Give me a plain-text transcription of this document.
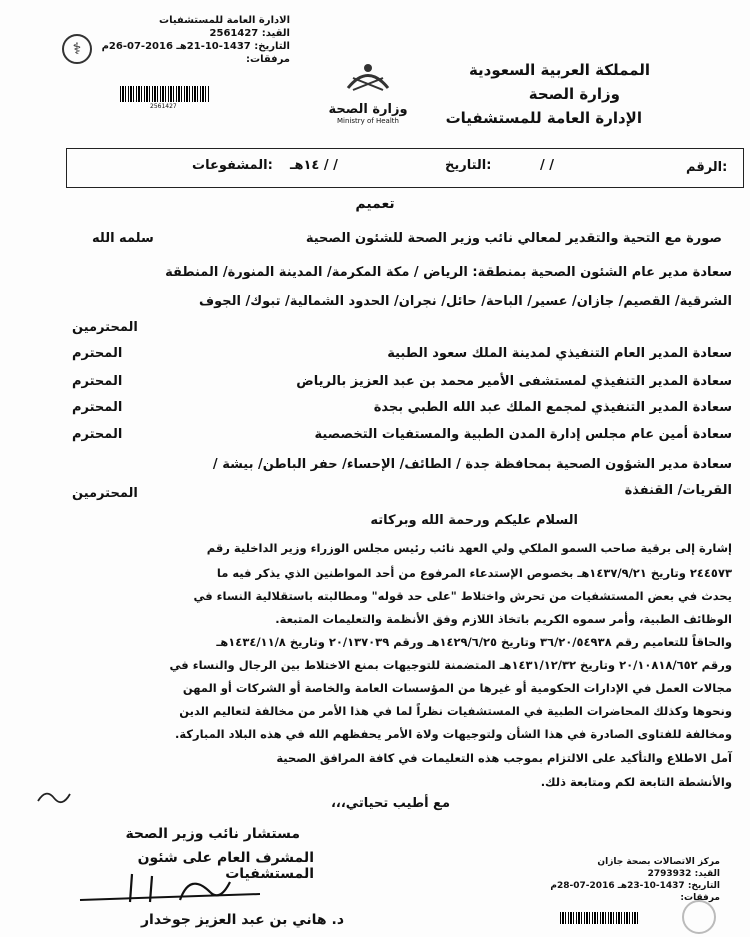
الادارة العامة للمستشفيات
القيد: 2561427
التاريخ: 1437-10-21هـ 2016-07-26م
مرفقات:
⚕
2561427	وزارة الصحة
Ministry of Health
المملكة العربية السعودية
وزارة الصحة
الإدارة العامة للمستشفيات
الرقم:
/ /
التاريخ:
/ / ١٤هـ
المشفوعات:
تعميم
صورة مع التحية والتقدير لمعالي نائب وزير الصحة للشئون الصحية
سلمه الله
سعادة مدير عام الشئون الصحية بمنطقة: الرياض / مكة المكرمة/ المدينة المنورة/ المنطقة
الشرقية/ القصيم/ جازان/ عسير/ الباحة/ حائل/ نجران/ الحدود الشمالية/ تبوك/ الجوف
المحترمين
سعادة المدير العام التنفيذي لمدينة الملك سعود الطبية
المحترم
سعادة المدير التنفيذي لمستشفى الأمير محمد بن عبد العزيز بالرياض
المحترم
سعادة المدير التنفيذي لمجمع الملك عبد الله الطبي بجدة
المحترم
سعادة أمين عام مجلس إدارة المدن الطبية والمستفيات التخصصية
المحترم
سعادة مدير الشؤون الصحية بمحافظة جدة / الطائف/ الإحساء/ حفر الباطن/ بيشة /
القريات/ القنفذة
المحترمين
السلام عليكم ورحمة الله وبركاته
إشارة إلى برقية صاحب السمو الملكي ولي العهد نائب رئيس مجلس الوزراء وزير الداخلية رقم
٢٤٤٥٧٣ وتاريخ ١٤٣٧/٩/٢١هـ بخصوص الإستدعاء المرفوع من أحد المواطنين الذي يذكر فيه ما
يحدث في بعض المستشفيات من تحرش واختلاط "على حد قوله" ومطالبته باستقلالية النساء في
الوظائف الطبية، وأمر سموه الكريم باتخاذ اللازم وفق الأنظمة والتعليمات المتبعة.
والحاقاً للتعاميم رقم ٣٦/٢٠/٥٤٩٣٨ وتاريخ ١٤٢٩/٦/٢٥هـ ورقم ٢٠/١٣٧٠٣٩ وتاريخ ١٤٣٤/١١/٨هـ
ورقم ٢٠/١٠٨١٨/٦٥٢ وتاريخ ١٤٣١/١٢/٣٢هـ المتضمنة للتوجيهات بمنع الاختلاط بين الرجال والنساء في
مجالات العمل في الإدارات الحكومية أو غيرها من المؤسسات العامة والخاصة أو الشركات أو المهن
ونحوها وكذلك المحاضرات الطبية في المستشفيات نظراً لما في هذا الأمر من مخالفة لتعاليم الدين
ومخالفة للفتاوى الصادرة في هذا الشأن ولتوجيهات ولاة الأمر يحفظهم الله في هذه البلاد المباركة.
آمل الاطلاع والتأكيد على الالتزام بموجب هذه التعليمات في كافة المرافق الصحية
والأنشطة التابعة لكم ومتابعة ذلك.
مع أطيب تحياتي،،،
مستشار نائب وزير الصحة
المشرف العام على شئون المستشفيات
د. هاني بن عبد العزيز جوخدار
مركز الاتصالات بصحة جازان
القيد: 2793932
التاريخ: 1437-10-23هـ 2016-07-28م
مرفقات:
